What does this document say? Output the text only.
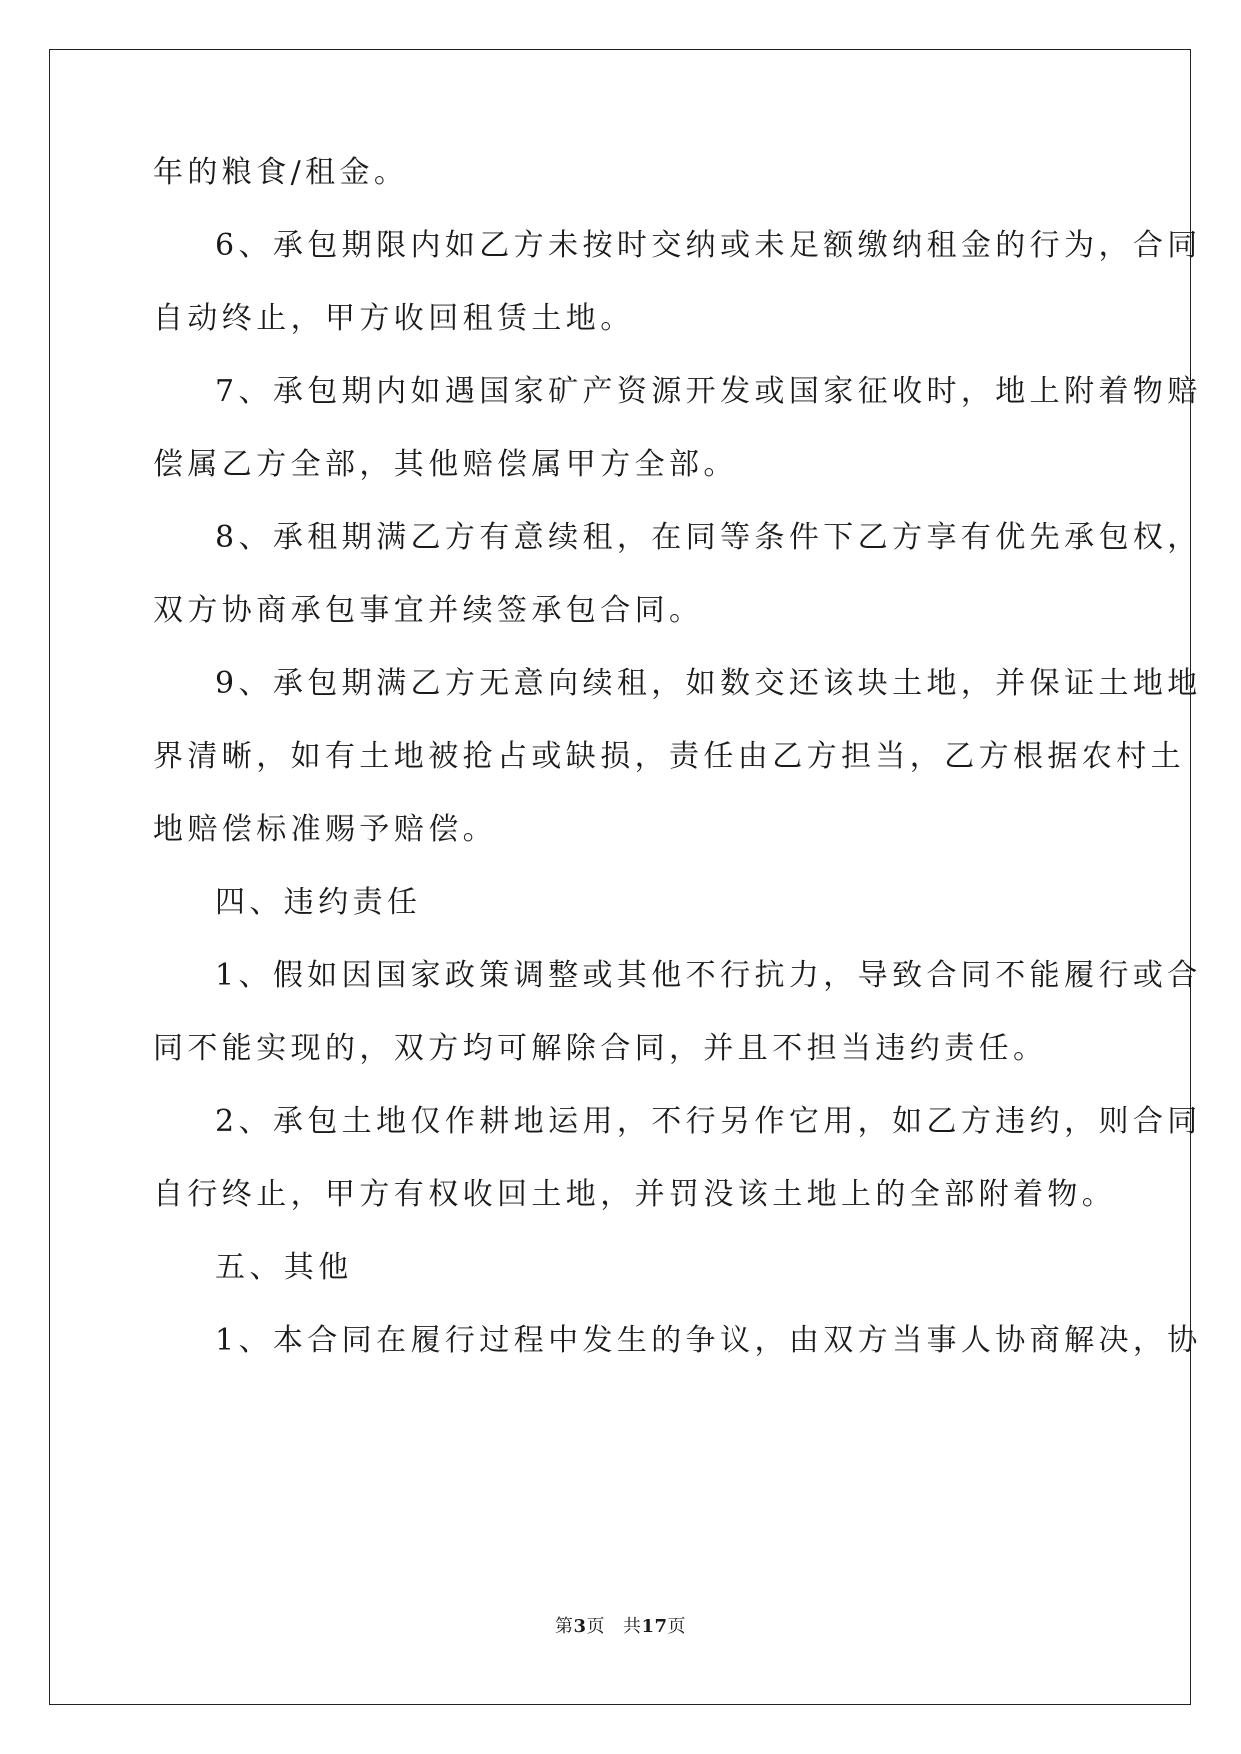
年的粮食/租金。
6、承包期限内如乙方未按时交纳或未足额缴纳租金的行为，合同
自动终止，甲方收回租赁土地。
7、承包期内如遇国家矿产资源开发或国家征收时，地上附着物赔
偿属乙方全部，其他赔偿属甲方全部。
8、承租期满乙方有意续租，在同等条件下乙方享有优先承包权，
双方协商承包事宜并续签承包合同。
9、承包期满乙方无意向续租，如数交还该块土地，并保证土地地
界清晰，如有土地被抢占或缺损，责任由乙方担当，乙方根据农村土
地赔偿标准赐予赔偿。
四、违约责任
1、假如因国家政策调整或其他不行抗力，导致合同不能履行或合
同不能实现的，双方均可解除合同，并且不担当违约责任。
2、承包土地仅作耕地运用，不行另作它用，如乙方违约，则合同
自行终止，甲方有权收回土地，并罚没该土地上的全部附着物。
五、其他
1、本合同在履行过程中发生的争议，由双方当事人协商解决，协
第3页 共17页
